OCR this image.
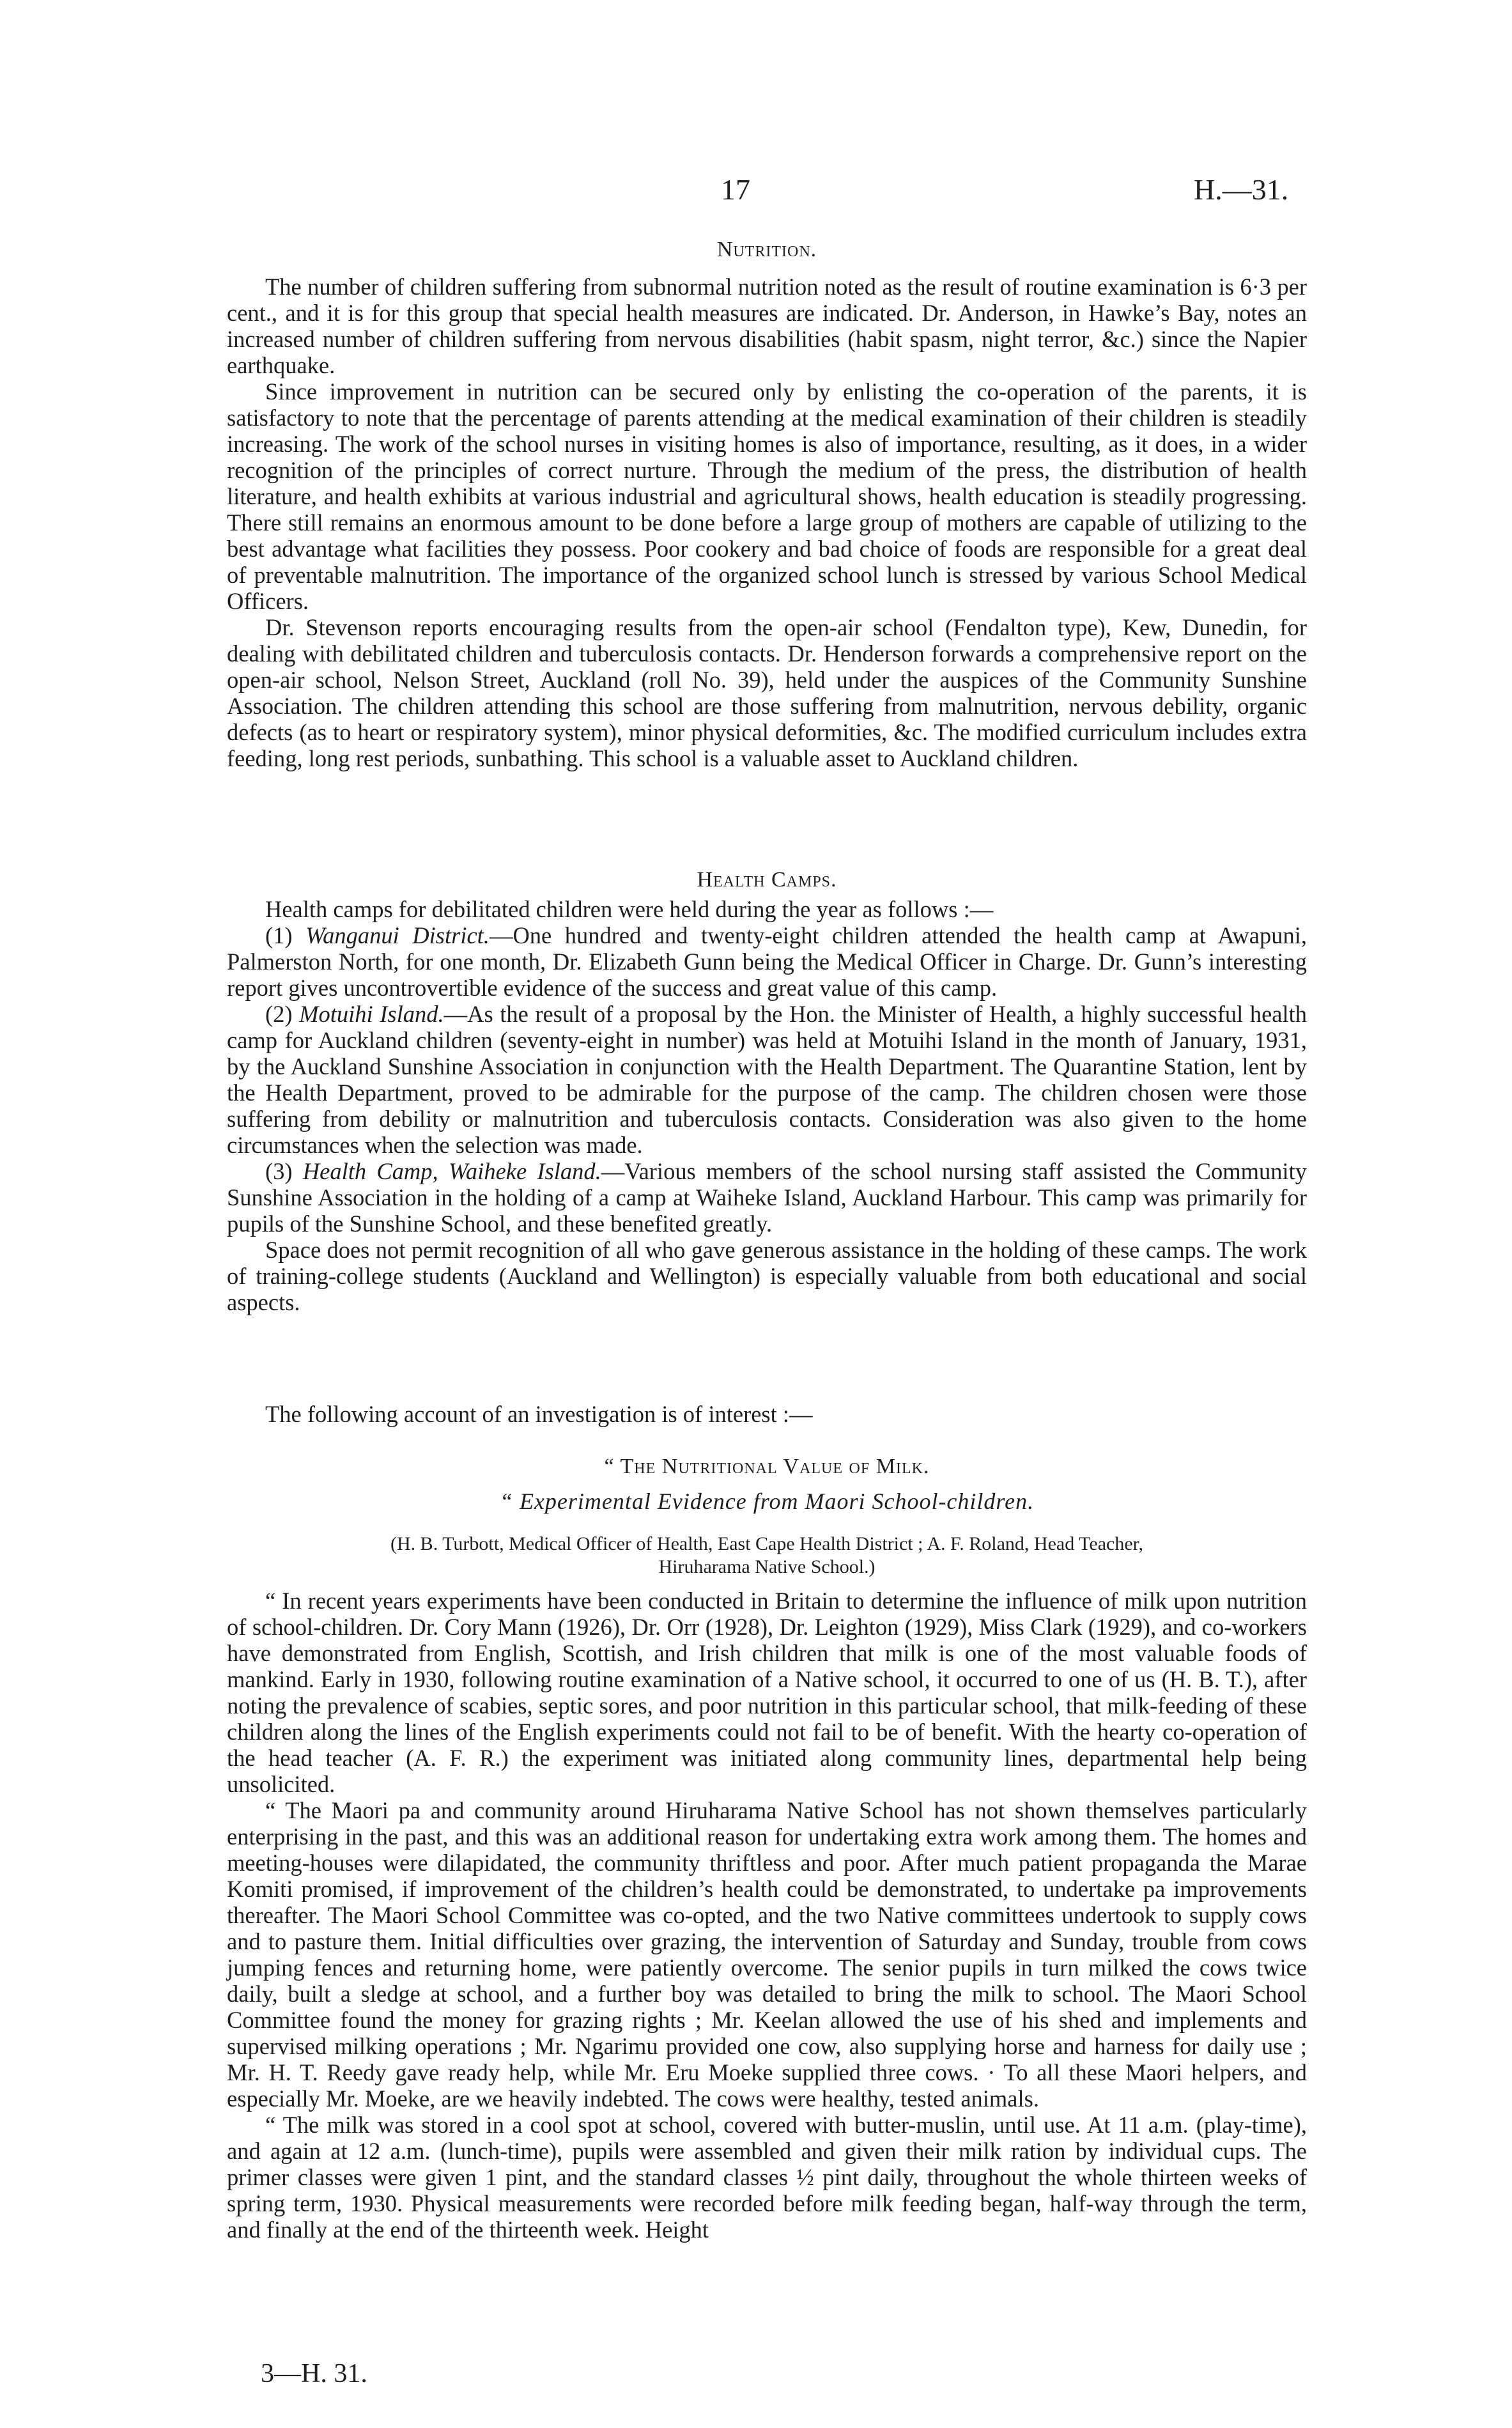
17	H.—31.
Nutrition.

The number of children suffering from subnormal nutrition noted as the result of routine examination is 6·3 per cent., and it is for this group that special health measures are indicated. Dr. Anderson, in Hawke’s Bay, notes an increased number of children suffering from nervous disabilities (habit spasm, night terror, &c.) since the Napier earthquake.

Since improvement in nutrition can be secured only by enlisting the co-operation of the parents, it is satisfactory to note that the percentage of parents attending at the medical examination of their children is steadily increasing. The work of the school nurses in visiting homes is also of importance, resulting, as it does, in a wider recognition of the principles of correct nurture. Through the medium of the press, the distribution of health literature, and health exhibits at various industrial and agricultural shows, health education is steadily progressing. There still remains an enormous amount to be done before a large group of mothers are capable of utilizing to the best advantage what facilities they possess. Poor cookery and bad choice of foods are responsible for a great deal of preventable malnutrition. The importance of the organized school lunch is stressed by various School Medical Officers.

Dr. Stevenson reports encouraging results from the open-air school (Fendalton type), Kew, Dunedin, for dealing with debilitated children and tuberculosis contacts. Dr. Henderson forwards a comprehensive report on the open-air school, Nelson Street, Auckland (roll No. 39), held under the auspices of the Community Sunshine Association. The children attending this school are those suffering from malnutrition, nervous debility, organic defects (as to heart or respiratory system), minor physical deformities, &c. The modified curriculum includes extra feeding, long rest periods, sunbathing. This school is a valuable asset to Auckland children.

Health Camps.

Health camps for debilitated children were held during the year as follows :—

(1) Wanganui District.—One hundred and twenty-eight children attended the health camp at Awapuni, Palmerston North, for one month, Dr. Elizabeth Gunn being the Medical Officer in Charge. Dr. Gunn’s interesting report gives uncontrovertible evidence of the success and great value of this camp.

(2) Motuihi Island.—As the result of a proposal by the Hon. the Minister of Health, a highly successful health camp for Auckland children (seventy-eight in number) was held at Motuihi Island in the month of January, 1931, by the Auckland Sunshine Association in conjunction with the Health Department. The Quarantine Station, lent by the Health Department, proved to be admirable for the purpose of the camp. The children chosen were those suffering from debility or malnutrition and tuberculosis contacts. Consideration was also given to the home circumstances when the selection was made.

(3) Health Camp, Waiheke Island.—Various members of the school nursing staff assisted the Community Sunshine Association in the holding of a camp at Waiheke Island, Auckland Harbour. This camp was primarily for pupils of the Sunshine School, and these benefited greatly.

Space does not permit recognition of all who gave generous assistance in the holding of these camps. The work of training-college students (Auckland and Wellington) is especially valuable from both educational and social aspects.

The following account of an investigation is of interest :—

“ The Nutritional Value of Milk.
“ Experimental Evidence from Maori School-children.
(H. B. Turbott, Medical Officer of Health, East Cape Health District ; A. F. Roland, Head Teacher,
Hiruharama Native School.)

“ In recent years experiments have been conducted in Britain to determine the influence of milk upon nutrition of school-children. Dr. Cory Mann (1926), Dr. Orr (1928), Dr. Leighton (1929), Miss Clark (1929), and co-workers have demonstrated from English, Scottish, and Irish children that milk is one of the most valuable foods of mankind. Early in 1930, following routine examination of a Native school, it occurred to one of us (H. B. T.), after noting the prevalence of scabies, septic sores, and poor nutrition in this particular school, that milk-feeding of these children along the lines of the English experiments could not fail to be of benefit. With the hearty co-operation of the head teacher (A. F. R.) the experiment was initiated along community lines, departmental help being unsolicited.

“ The Maori pa and community around Hiruharama Native School has not shown themselves particularly enterprising in the past, and this was an additional reason for undertaking extra work among them. The homes and meeting-houses were dilapidated, the community thriftless and poor. After much patient propaganda the Marae Komiti promised, if improvement of the children’s health could be demonstrated, to undertake pa improvements thereafter. The Maori School Committee was co-opted, and the two Native committees undertook to supply cows and to pasture them. Initial difficulties over grazing, the intervention of Saturday and Sunday, trouble from cows jumping fences and returning home, were patiently overcome. The senior pupils in turn milked the cows twice daily, built a sledge at school, and a further boy was detailed to bring the milk to school. The Maori School Committee found the money for grazing rights ; Mr. Keelan allowed the use of his shed and implements and supervised milking operations ; Mr. Ngarimu provided one cow, also supplying horse and harness for daily use ; Mr. H. T. Reedy gave ready help, while Mr. Eru Moeke supplied three cows. · To all these Maori helpers, and especially Mr. Moeke, are we heavily indebted. The cows were healthy, tested animals.

“ The milk was stored in a cool spot at school, covered with butter-muslin, until use. At 11 a.m. (play-time), and again at 12 a.m. (lunch-time), pupils were assembled and given their milk ration by individual cups. The primer classes were given 1 pint, and the standard classes ½ pint daily, throughout the whole thirteen weeks of spring term, 1930. Physical measurements were recorded before milk feeding began, half-way through the term, and finally at the end of the thirteenth week. Height

3—H. 31.
